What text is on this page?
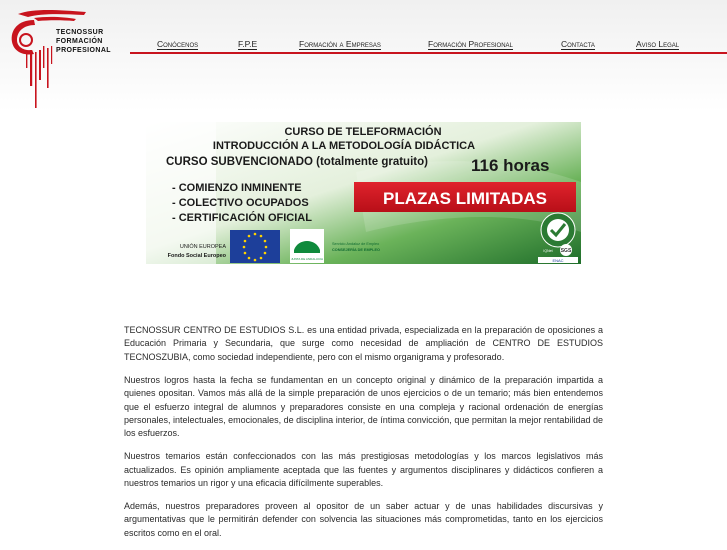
TECNOSSUR
FORMACIÓN
PROFESIONAL
Conócenos	F.P.E	Formación a Empresas	Formación Profesional	Contacta	Aviso Legal
CURSO DE TELEFORMACIÓN
INTRODUCCIÓN A LA METODOLOGÍA DIDÁCTICA
CURSO SUBVENCIONADO (totalmente gratuito)	116 horas
- COMIENZO INMINENTE
- COLECTIVO OCUPADOS
- CERTIFICACIÓN OFICIAL
PLAZAS LIMITADAS
UNIÓN EUROPEA
Fondo Social Europeo	JUNTA DE ANDALUCIA
Servicio Andaluz de Empleo
CONSEJERÍA DE EMPLEO	SGS
IQNet
ENAC

TECNOSSUR CENTRO DE ESTUDIOS S.L. es una entidad privada, especializada en la preparación de oposiciones a Educación Primaria y Secundaria, que surge como necesidad de ampliación de CENTRO DE ESTUDIOS TECNOSZUBIA, como sociedad independiente, pero con el mismo organigrama y profesorado.

Nuestros logros hasta la fecha se fundamentan en un concepto original y dinámico de la preparación impartida a quienes opositan. Vamos más allá de la simple preparación de unos ejercicios o de un temario; más bien entendemos que el esfuerzo integral de alumnos y preparadores consiste en una compleja y racional ordenación de energías personales, intelectuales, emocionales, de disciplina interior, de íntima convicción, que permitan la mejor rentabilidad de los esfuerzos.

Nuestros temarios están confeccionados con las más prestigiosas metodologías y los marcos legislativos más actualizados. Es opinión ampliamente aceptada que las fuentes y argumentos disciplinares y didácticos confieren a nuestros temarios un rigor y una eficacia difícilmente superables.

Además, nuestros preparadores proveen al opositor de un saber actuar y de unas habilidades discursivas y argumentativas que le permitirán defender con solvencia las situaciones más comprometidas, tanto en los ejercicios escritos como en el oral.
